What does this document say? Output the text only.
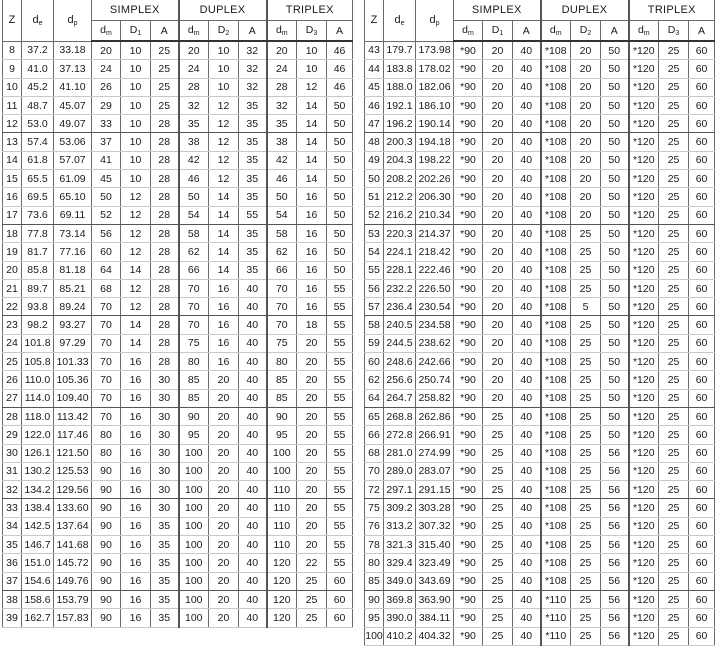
Z	$d_e$	$d_p$	SIMPLEX			DUPLEX			TRIPLEX		
			$d_m$	$D_1$	A	$d_m$	$D_2$	A	$d_m$	$D_3$	A
8	37.2	33.18	20	10	25	20	10	32	20	10	46
9	41.0	37.13	24	10	25	24	10	32	24	10	46
10	45.2	41.10	26	10	25	28	10	32	28	12	46
11	48.7	45.07	29	10	25	32	12	35	32	14	50
12	53.0	49.07	33	10	28	35	12	35	35	14	50
13	57.4	53.06	37	10	28	38	12	35	38	14	50
14	61.8	57.07	41	10	28	42	12	35	42	14	50
15	65.5	61.09	45	10	28	46	12	35	46	14	50
16	69.5	65.10	50	12	28	50	14	35	50	16	50
17	73.6	69.11	52	12	28	54	14	55	54	16	50
18	77.8	73.14	56	12	28	58	14	35	58	16	50
19	81.7	77.16	60	12	28	62	14	35	62	16	50
20	85.8	81.18	64	14	28	66	14	35	66	16	50
21	89.7	85.21	68	12	28	70	16	40	70	16	55
22	93.8	89.24	70	12	28	70	16	40	70	16	55
23	98.2	93.27	70	14	28	70	16	40	70	18	55
24	101.8	97.29	70	14	28	75	16	40	75	20	55
25	105.8	101.33	70	16	28	80	16	40	80	20	55
26	110.0	105.36	70	16	30	85	20	40	85	20	55
27	114.0	109.40	70	16	30	85	20	40	85	20	55
28	118.0	113.42	70	16	30	90	20	40	90	20	55
29	122.0	117.46	80	16	30	95	20	40	95	20	55
30	126.1	121.50	80	16	30	100	20	40	100	20	55
31	130.2	125.53	90	16	30	100	20	40	100	20	55
32	134.2	129.56	90	16	30	100	20	40	110	20	55
33	138.4	133.60	90	16	30	100	20	40	110	20	55
34	142.5	137.64	90	16	35	100	20	40	110	20	55
35	146.7	141.68	90	16	35	100	20	40	110	20	55
36	151.0	145.72	90	16	35	100	20	40	120	22	55
37	154.6	149.76	90	16	35	100	20	40	120	25	60
38	158.6	153.79	90	16	35	100	20	40	120	25	60
39	162.7	157.83	90	16	35	100	20	40	120	25	60
Z	$d_e$	$d_p$	SIMPLEX			DUPLEX			TRIPLEX		
			$d_m$	$D_1$	A	$d_m$	$D_2$	A	$d_m$	$D_3$	A
43	179.7	173.98	*90	20	40	*108	20	50	*120	25	60
44	183.8	178.02	*90	20	40	*108	20	50	*120	25	60
45	188.0	182.06	*90	20	40	*108	20	50	*120	25	60
46	192.1	186.10	*90	20	40	*108	20	50	*120	25	60
47	196.2	190.14	*90	20	40	*108	20	50	*120	25	60
48	200.3	194.18	*90	20	40	*108	20	50	*120	25	60
49	204.3	198.22	*90	20	40	*108	20	50	*120	25	60
50	208.2	202.26	*90	20	40	*108	20	50	*120	25	60
51	212.2	206.30	*90	20	40	*108	20	50	*120	25	60
52	216.2	210.34	*90	20	40	*108	20	50	*120	25	60
53	220.3	214.37	*90	20	40	*108	25	50	*120	25	60
54	224.1	218.42	*90	20	40	*108	25	50	*120	25	60
55	228.1	222.46	*90	20	40	*108	25	50	*120	25	60
56	232.2	226.50	*90	20	40	*108	25	50	*120	25	60
57	236.4	230.54	*90	20	40	*108	5	50	*120	25	60
58	240.5	234.58	*90	20	40	*108	25	50	*120	25	60
59	244.5	238.62	*90	20	40	*108	25	50	*120	25	60
60	248.6	242.66	*90	20	40	*108	25	50	*120	25	60
62	256.6	250.74	*90	20	40	*108	25	50	*120	25	60
64	264.7	258.82	*90	20	40	*108	25	50	*120	25	60
65	268.8	262.86	*90	25	40	*108	25	50	*120	25	60
66	272.8	266.91	*90	25	40	*108	25	50	*120	25	60
68	281.0	274.99	*90	25	40	*108	25	56	*120	25	60
70	289.0	283.07	*90	25	40	*108	25	56	*120	25	60
72	297.1	291.15	*90	25	40	*108	25	56	*120	25	60
75	309.2	303.28	*90	25	40	*108	25	56	*120	25	60
76	313.2	307.32	*90	25	40	*108	25	56	*120	25	60
78	321.3	315.40	*90	25	40	*108	25	56	*120	25	60
80	329.4	323.49	*90	25	40	*108	25	56	*120	25	60
85	349.0	343.69	*90	25	40	*108	25	56	*120	25	60
90	369.8	363.90	*90	25	40	*110	25	56	*120	25	60
95	390.0	384.11	*90	25	40	*110	25	56	*120	25	60
100	410.2	404.32	*90	25	40	*110	25	56	*120	25	60
